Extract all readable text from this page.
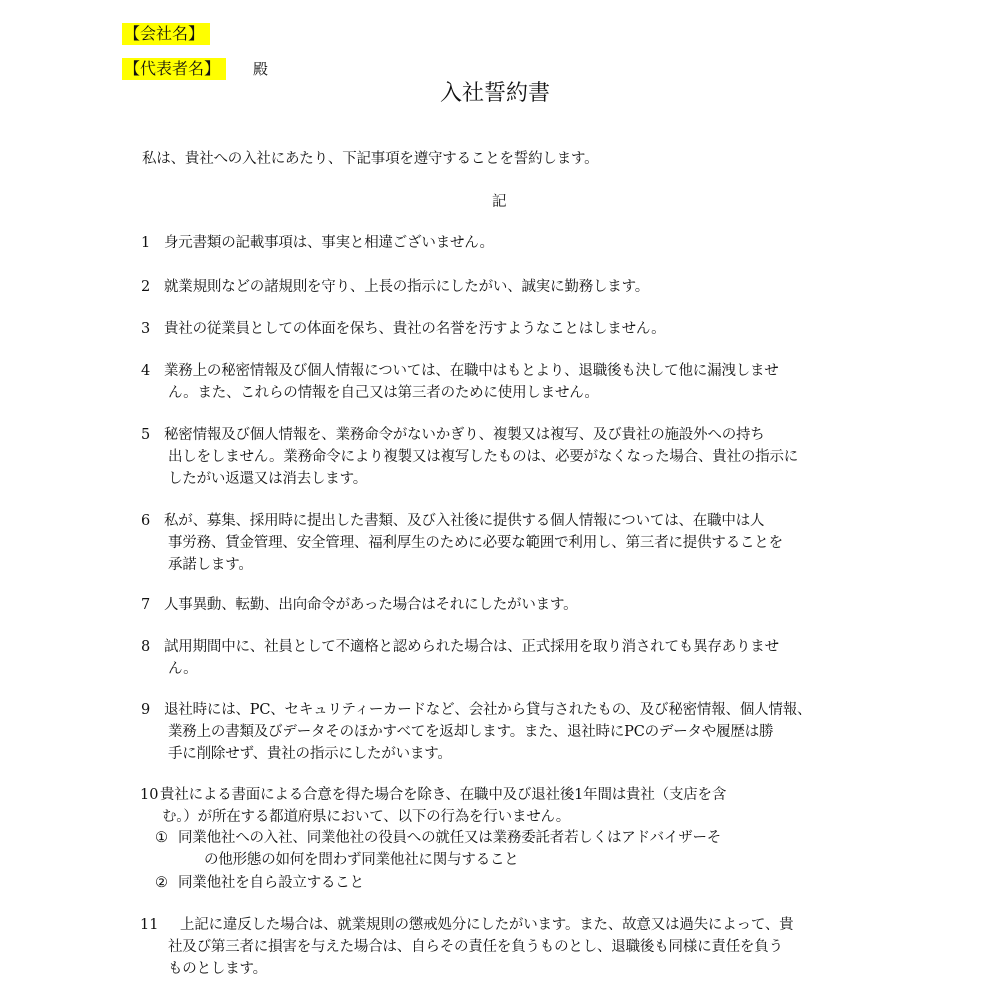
【会社名】
【代表者名】	殿
入社誓約書
私は、貴社への入社にあたり、下記事項を遵守することを誓約します。
記
1 身元書類の記載事項は、事実と相違ございません。
2 就業規則などの諸規則を守り、上長の指示にしたがい、誠実に勤務します。
3 貴社の従業員としての体面を保ち、貴社の名誉を汚すようなことはしません。
4 業務上の秘密情報及び個人情報については、在職中はもとより、退職後も決して他に漏洩しませ
ん。また、これらの情報を自己又は第三者のために使用しません。
5 秘密情報及び個人情報を、業務命令がないかぎり、複製又は複写、及び貴社の施設外への持ち
出しをしません。業務命令により複製又は複写したものは、必要がなくなった場合、貴社の指示に
したがい返還又は消去します。
6 私が、募集、採用時に提出した書類、及び入社後に提供する個人情報については、在職中は人
事労務、賃金管理、安全管理、福利厚生のために必要な範囲で利用し、第三者に提供することを
承諾します。
7 人事異動、転勤、出向命令があった場合はそれにしたがいます。
8 試用期間中に、社員として不適格と認められた場合は、正式採用を取り消されても異存ありませ
ん。
9 退社時には、PC、セキュリティーカードなど、会社から貸与されたもの、及び秘密情報、個人情報、
業務上の書類及びデータそのほかすべてを返却します。また、退社時にPCのデータや履歴は勝
手に削除せず、貴社の指示にしたがいます。
10 貴社による書面による合意を得た場合を除き、在職中及び退社後1年間は貴社（支店を含
む。）が所在する都道府県において、以下の行為を行いません。
① 同業他社への入社、同業他社の役員への就任又は業務委託者若しくはアドバイザーそ
の他形態の如何を問わず同業他社に関与すること
② 同業他社を自ら設立すること
11 上記に違反した場合は、就業規則の懲戒処分にしたがいます。また、故意又は過失によって、貴
社及び第三者に損害を与えた場合は、自らその責任を負うものとし、退職後も同様に責任を負う
ものとします。
